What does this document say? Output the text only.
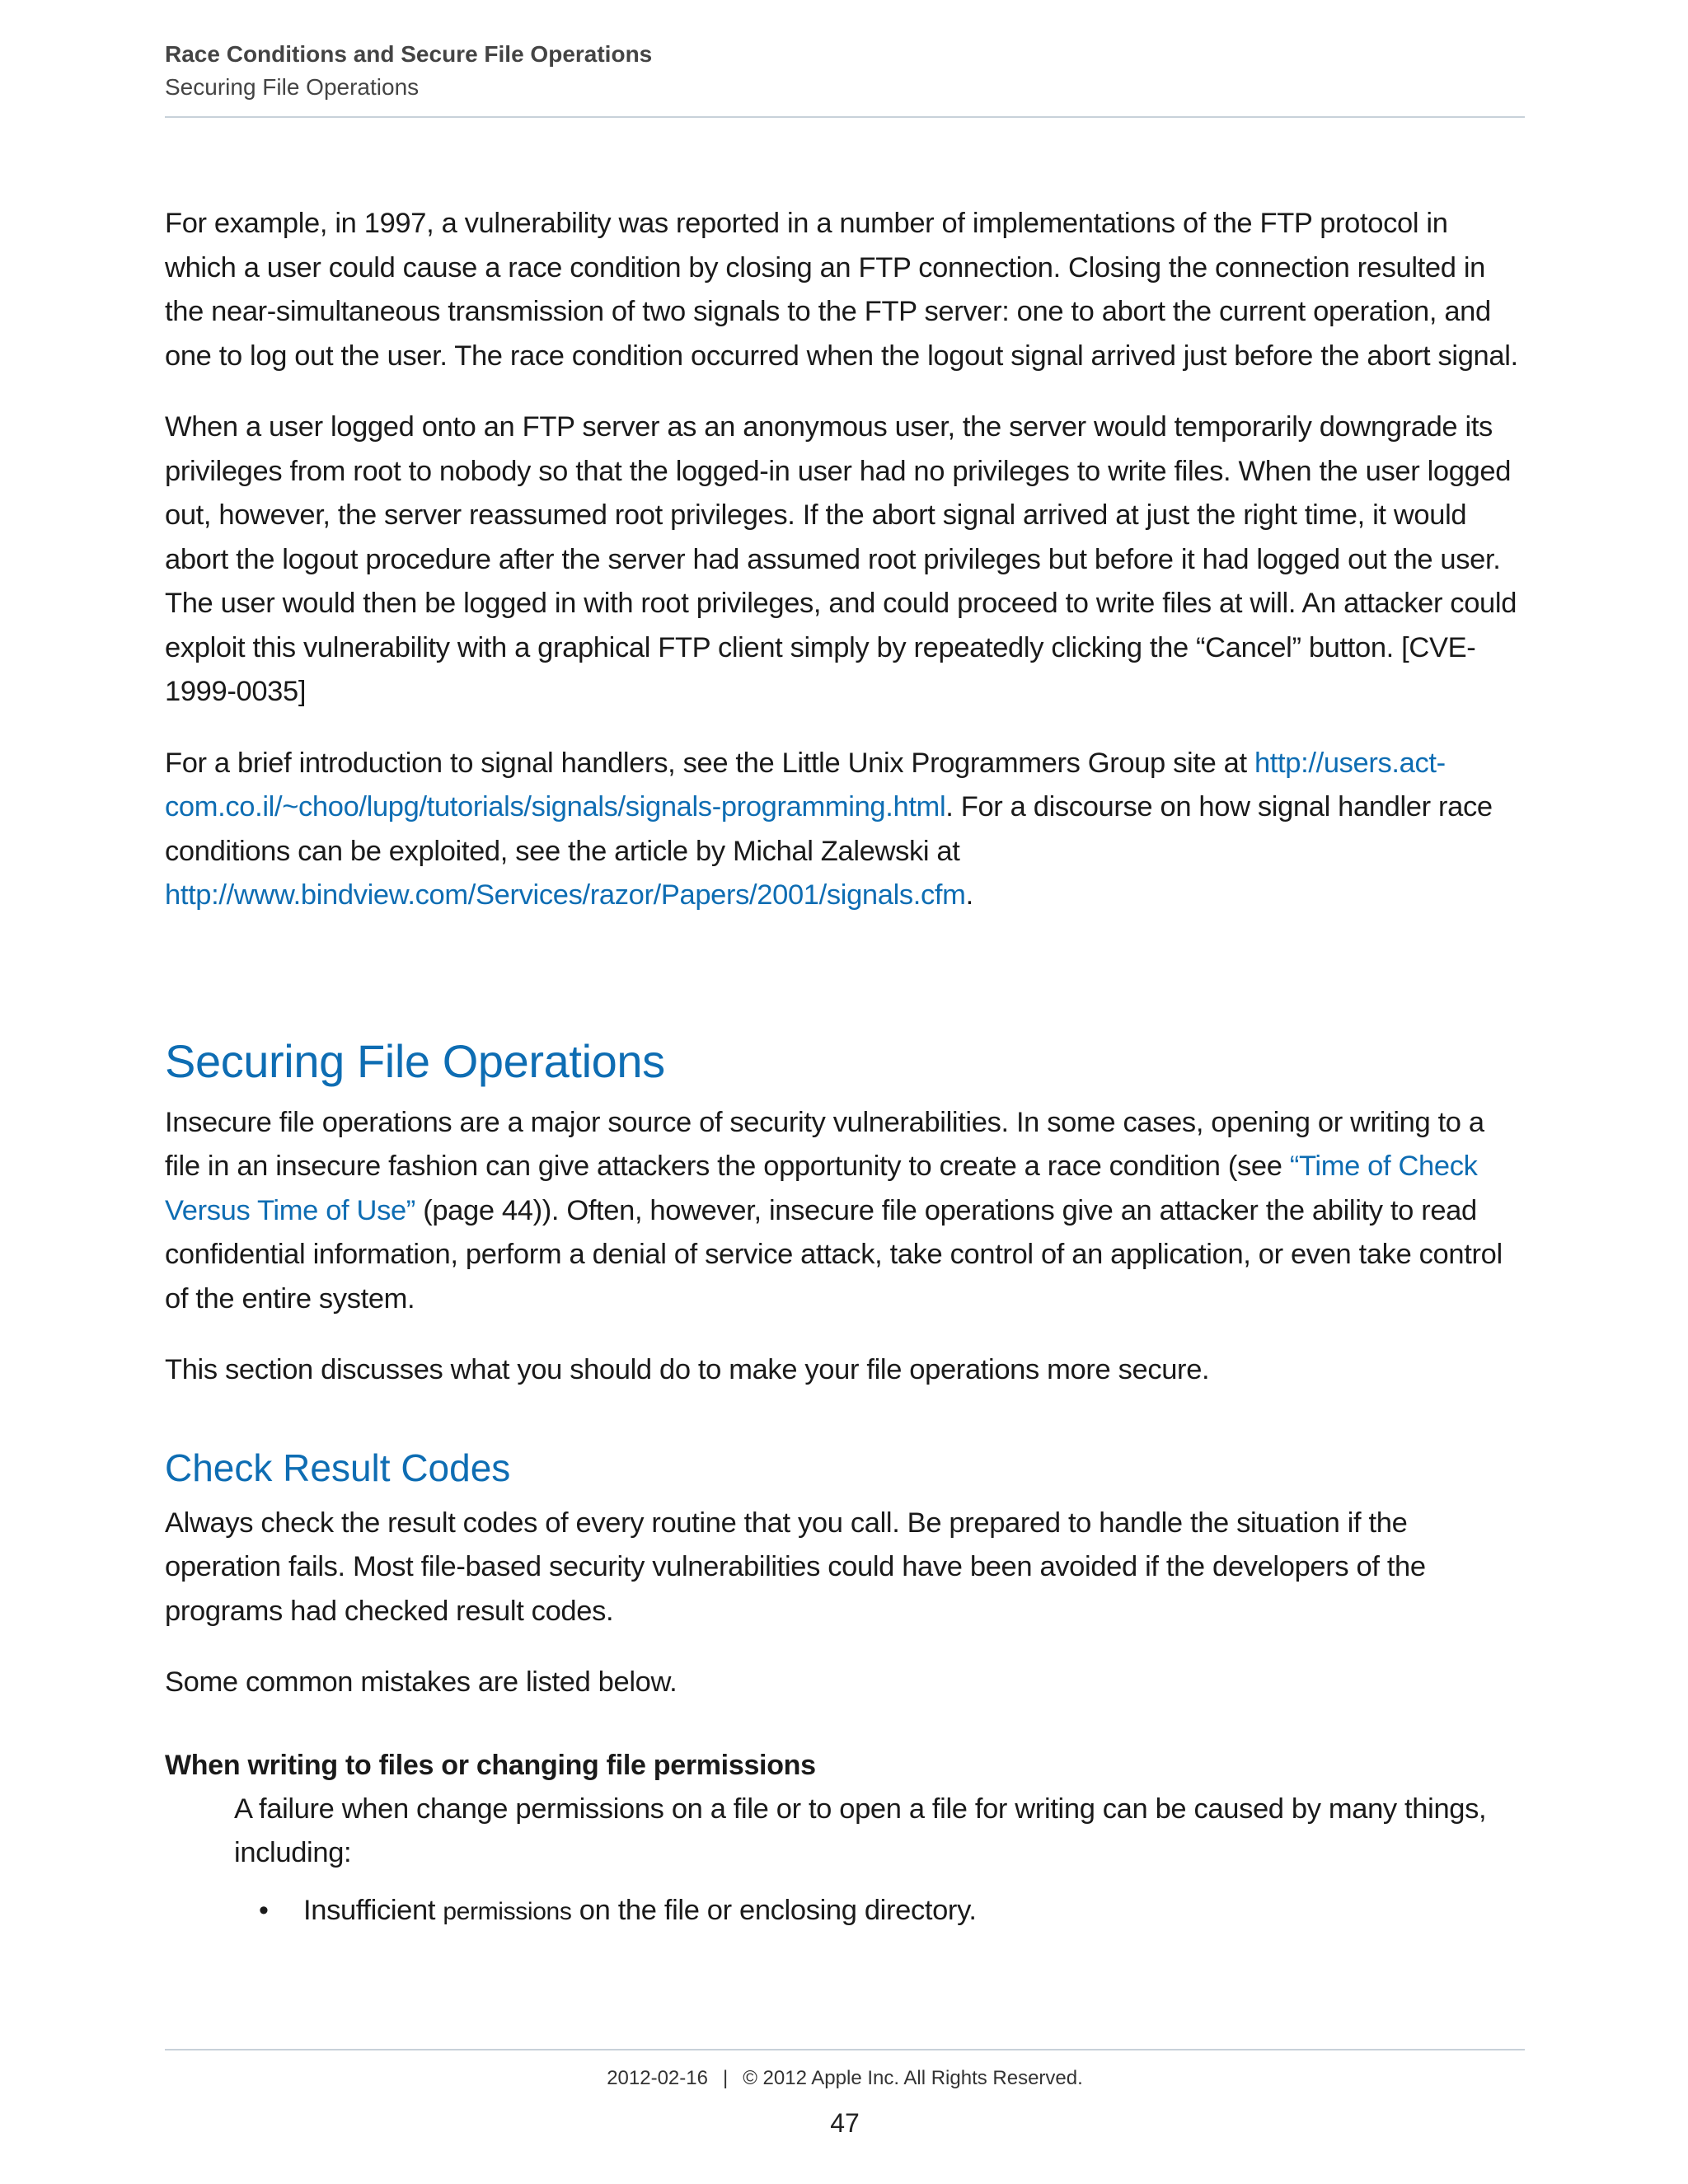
Race Conditions and Secure File Operations
Securing File Operations

For example, in 1997, a vulnerability was reported in a number of implementations of the FTP protocol in which a user could cause a race condition by closing an FTP connection. Closing the connection resulted in the near-simultaneous transmission of two signals to the FTP server: one to abort the current operation, and one to log out the user. The race condition occurred when the logout signal arrived just before the abort signal.

When a user logged onto an FTP server as an anonymous user, the server would temporarily downgrade its privileges from root to nobody so that the logged-in user had no privileges to write files. When the user logged out, however, the server reassumed root privileges. If the abort signal arrived at just the right time, it would abort the logout procedure after the server had assumed root privileges but before it had logged out the user. The user would then be logged in with root privileges, and could proceed to write files at will. An attacker could exploit this vulnerability with a graphical FTP client simply by repeatedly clicking the “Cancel” button. [CVE-1999-0035]

For a brief introduction to signal handlers, see the Little Unix Programmers Group site at http://users.act-com.co.il/~choo/lupg/tutorials/signals/signals-programming.html. For a discourse on how signal handler race conditions can be exploited, see the article by Michal Zalewski at http://www.bindview.com/Services/razor/Papers/2001/signals.cfm.

Securing File Operations

Insecure file operations are a major source of security vulnerabilities. In some cases, opening or writing to a file in an insecure fashion can give attackers the opportunity to create a race condition (see “Time of Check Versus Time of Use” (page 44)). Often, however, insecure file operations give an attacker the ability to read confidential information, perform a denial of service attack, take control of an application, or even take control of the entire system.

This section discusses what you should do to make your file operations more secure.

Check Result Codes

Always check the result codes of every routine that you call. Be prepared to handle the situation if the operation fails. Most file-based security vulnerabilities could have been avoided if the developers of the programs had checked result codes.

Some common mistakes are listed below.

When writing to files or changing file permissions
A failure when change permissions on a file or to open a file for writing can be caused by many things, including:
• Insufficient permissions on the file or enclosing directory.
2012-02-16 | © 2012 Apple Inc. All Rights Reserved.
47
